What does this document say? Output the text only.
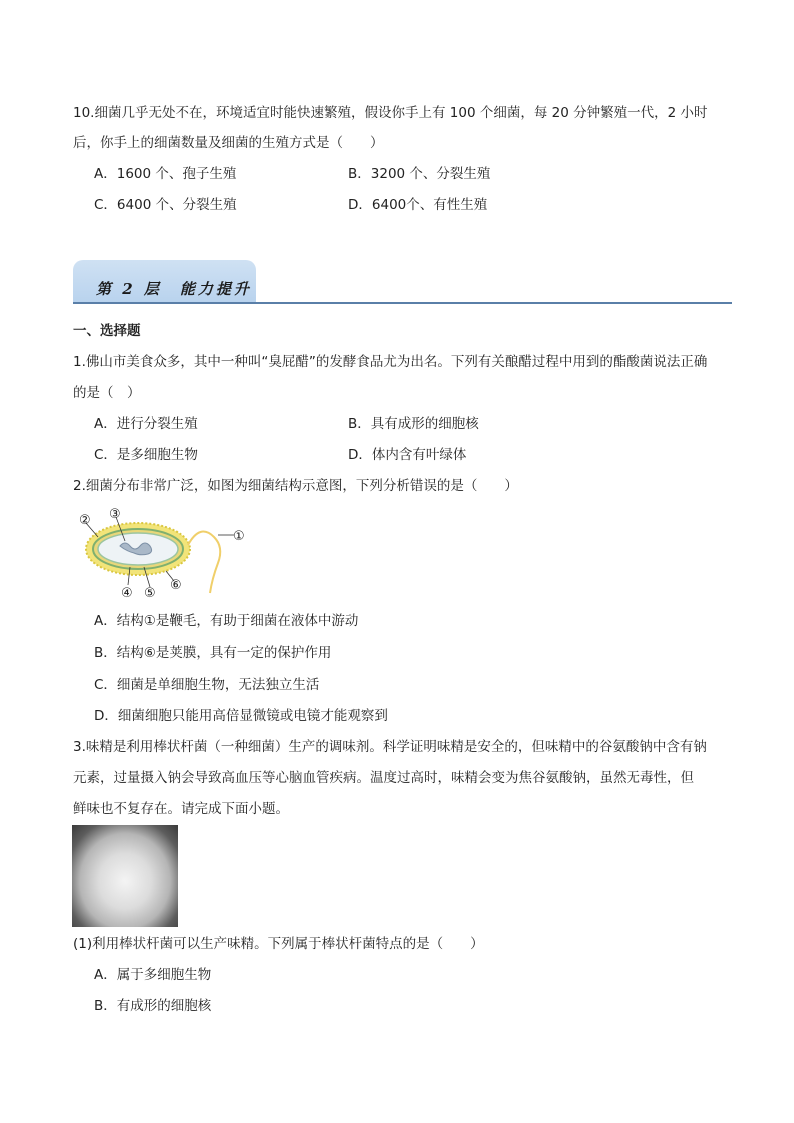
10.细菌几乎无处不在，环境适宜时能快速繁殖，假设你手上有 100 个细菌，每 20 分钟繁殖一代，2 小时
后，你手上的细菌数量及细菌的生殖方式是（　　）
A．1600 个、孢子生殖	B．3200 个、分裂生殖
C．6400 个、分裂生殖	D．6400个、有性生殖
第 2 层　能力提升
一、选择题
1.佛山市美食众多，其中一种叫“臭屁醋”的发酵食品尤为出名。下列有关酿醋过程中用到的酯酸菌说法正确
的是（　）
A．进行分裂生殖	B．具有成形的细胞核
C．是多细胞生物	D．体内含有叶绿体
2.细菌分布非常广泛，如图为细菌结构示意图，下列分析错误的是（　　）
② ③
①
④ ⑤
⑥
A．结构①是鞭毛，有助于细菌在液体中游动
B．结构⑥是荚膜，具有一定的保护作用
C．细菌是单细胞生物，无法独立生活
D．细菌细胞只能用高倍显微镜或电镜才能观察到
3.味精是利用棒状杆菌（一种细菌）生产的调味剂。科学证明味精是安全的，但味精中的谷氨酸钠中含有钠
元素，过量摄入钠会导致高血压等心脑血管疾病。温度过高时，味精会变为焦谷氨酸钠，虽然无毒性，但
鲜味也不复存在。请完成下面小题。
(1)利用棒状杆菌可以生产味精。下列属于棒状杆菌特点的是（　　）
A．属于多细胞生物
B．有成形的细胞核
